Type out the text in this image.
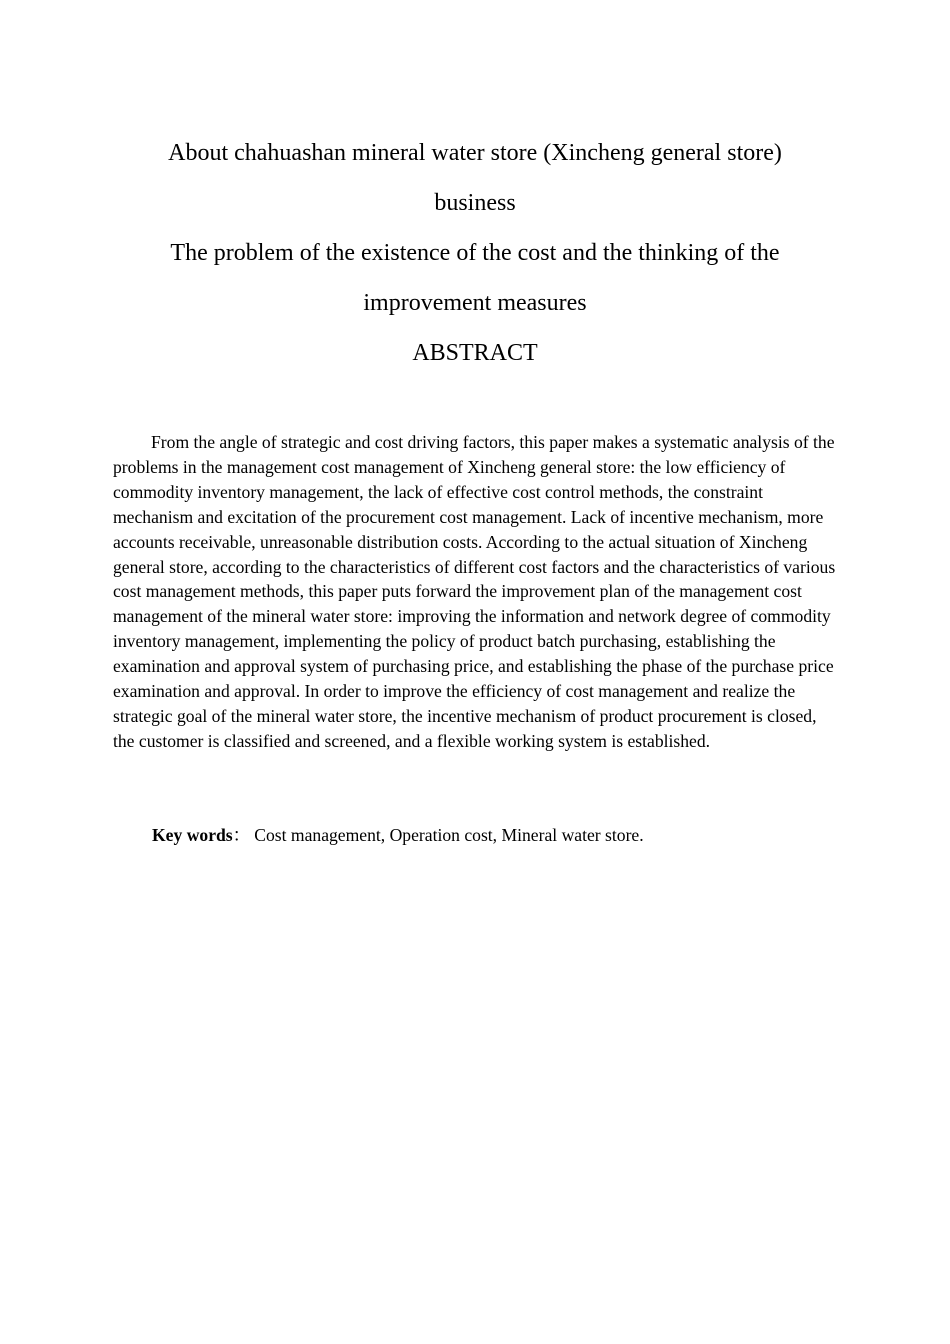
About chahuashan mineral water store (Xincheng general store)
business
The problem of the existence of the cost and the thinking of the
improvement measures
ABSTRACT

From the angle of strategic and cost driving factors, this paper makes a systematic analysis of the problems in the management cost management of Xincheng general store: the low efficiency of commodity inventory management, the lack of effective cost control methods, the constraint mechanism and excitation of the procurement cost management. Lack of incentive mechanism, more accounts receivable, unreasonable distribution costs. According to the actual situation of Xincheng general store, according to the characteristics of different cost factors and the characteristics of various cost management methods, this paper puts forward the improvement plan of the management cost management of the mineral water store: improving the information and network degree of commodity inventory management, implementing the policy of product batch purchasing, establishing the examination and approval system of purchasing price, and establishing the phase of the purchase price examination and approval. In order to improve the efficiency of cost management and realize the strategic goal of the mineral water store, the incentive mechanism of product procurement is closed, the customer is classified and screened, and a flexible working system is established.

Key words： Cost management, Operation cost, Mineral water store.
